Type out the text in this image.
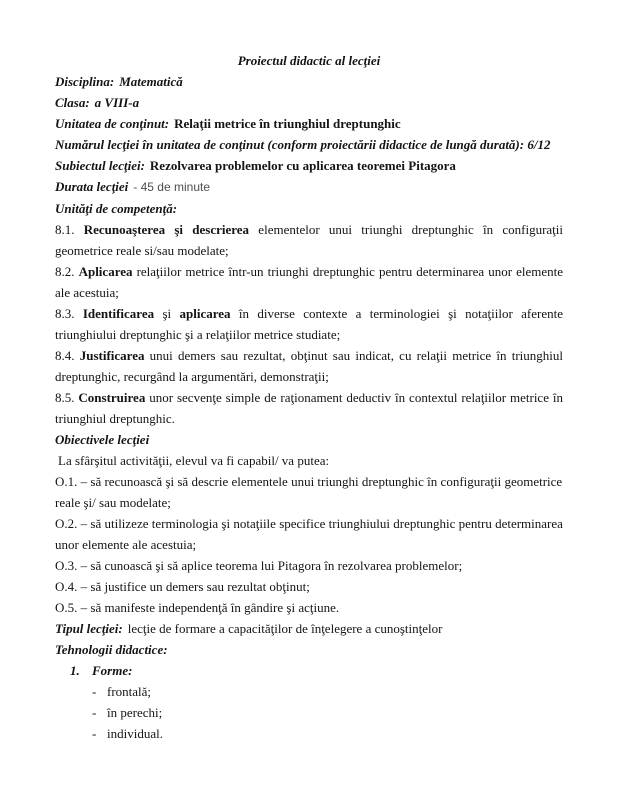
Proiectul didactic al lecţiei

Disciplina: Matematică

Clasa: a VIII-a

Unitatea de conţinut: Relaţii metrice în triunghiul dreptunghic

Numărul lecţiei în unitatea de conţinut (conform proiectării didactice de lungă durată): 6/12

Subiectul lecţiei: Rezolvarea problemelor cu aplicarea teoremei Pitagora

Durata lecţiei - 45 de minute

Unităţi de competenţă:

8.1. Recunoaşterea şi descrierea elementelor unui triunghi dreptunghic în configuraţii geometrice reale si/sau modelate;

8.2. Aplicarea relaţiilor metrice într-un triunghi dreptunghic pentru determinarea unor elemente ale acestuia;

8.3. Identificarea şi aplicarea în diverse contexte a terminologiei şi notaţiilor aferente triunghiului dreptunghic şi a relaţiilor metrice studiate;

8.4. Justificarea unui demers sau rezultat, obţinut sau indicat, cu relaţii metrice în triunghiul dreptunghic, recurgând la argumentări, demonstraţii;

8.5. Construirea unor secvenţe simple de raţionament deductiv în contextul relaţiilor metrice în triunghiul dreptunghic.

Obiectivele lecţiei

La sfârşitul activităţii, elevul va fi capabil/ va putea:

O.1. – să recunoască şi să descrie elementele unui triunghi dreptunghic în configuraţii geometrice reale şi/ sau modelate;

O.2. – să utilizeze terminologia şi notaţiile specifice triunghiului dreptunghic pentru determinarea unor elemente ale acestuia;

O.3. – să cunoască şi să aplice teorema lui Pitagora în rezolvarea problemelor;

O.4. – să justifice un demers sau rezultat obţinut;

O.5. – să manifeste independenţă în gândire şi acţiune.

Tipul lecţiei: lecţie de formare a capacităţilor de înţelegere a cunoştinţelor

Tehnologii didactice:

1. Forme:

- frontală;

- în perechi;

- individual.
